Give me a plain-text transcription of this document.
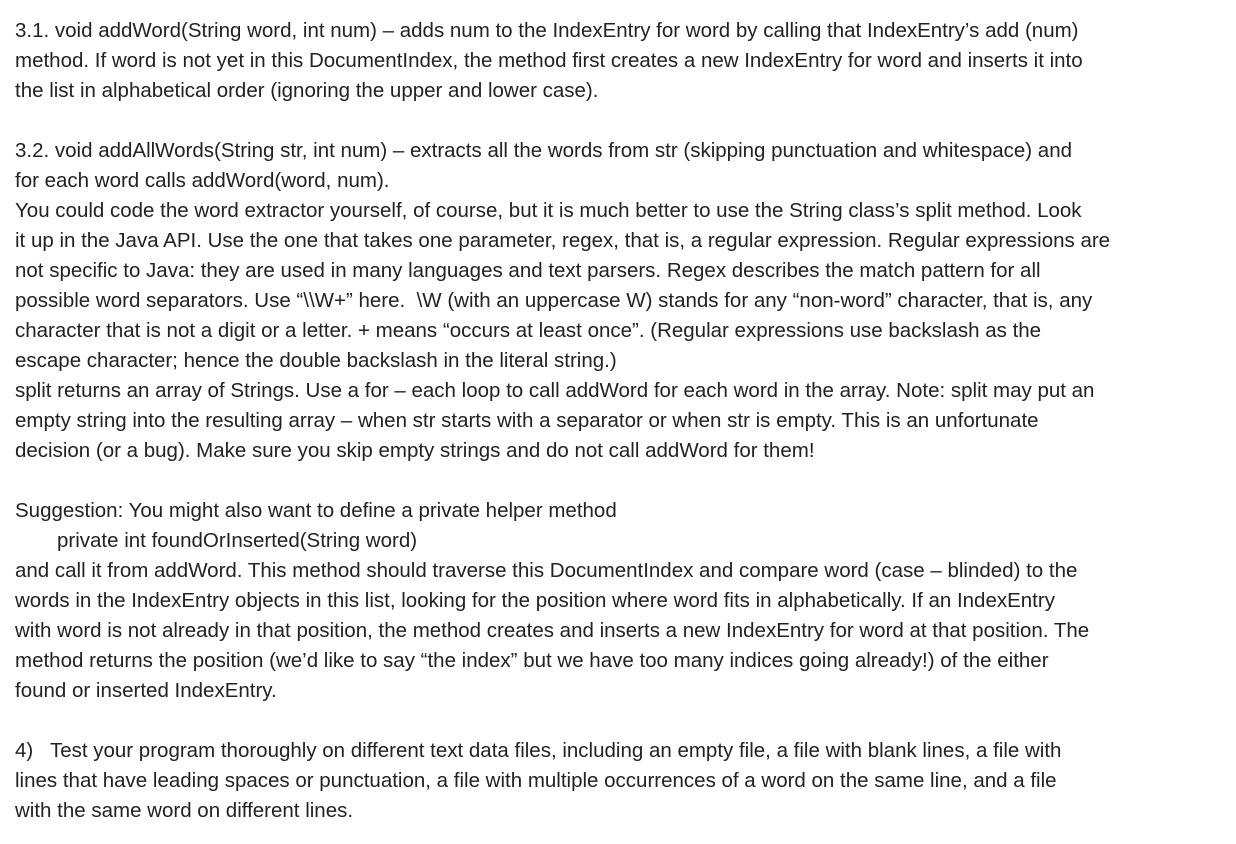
3.1. void addWord(String word, int num) – adds num to the IndexEntry for word by calling that IndexEntry’s add (num)
method. If word is not yet in this DocumentIndex, the method first creates a new IndexEntry for word and inserts it into
the list in alphabetical order (ignoring the upper and lower case).
3.2. void addAllWords(String str, int num) – extracts all the words from str (skipping punctuation and whitespace) and
for each word calls addWord(word, num).
You could code the word extractor yourself, of course, but it is much better to use the String class’s split method. Look
it up in the Java API. Use the one that takes one parameter, regex, that is, a regular expression. Regular expressions are
not specific to Java: they are used in many languages and text parsers. Regex describes the match pattern for all
possible word separators. Use “\\W+” here.  \W (with an uppercase W) stands for any “non-word” character, that is, any
character that is not a digit or a letter. + means “occurs at least once”. (Regular expressions use backslash as the
escape character; hence the double backslash in the literal string.)
split returns an array of Strings. Use a for – each loop to call addWord for each word in the array. Note: split may put an
empty string into the resulting array – when str starts with a separator or when str is empty. This is an unfortunate
decision (or a bug). Make sure you skip empty strings and do not call addWord for them!
Suggestion: You might also want to define a private helper method
private int foundOrInserted(String word)
and call it from addWord. This method should traverse this DocumentIndex and compare word (case – blinded) to the
words in the IndexEntry objects in this list, looking for the position where word fits in alphabetically. If an IndexEntry
with word is not already in that position, the method creates and inserts a new IndexEntry for word at that position. The
method returns the position (we’d like to say “the index” but we have too many indices going already!) of the either
found or inserted IndexEntry.
4)   Test your program thoroughly on different text data files, including an empty file, a file with blank lines, a file with
lines that have leading spaces or punctuation, a file with multiple occurrences of a word on the same line, and a file
with the same word on different lines.
